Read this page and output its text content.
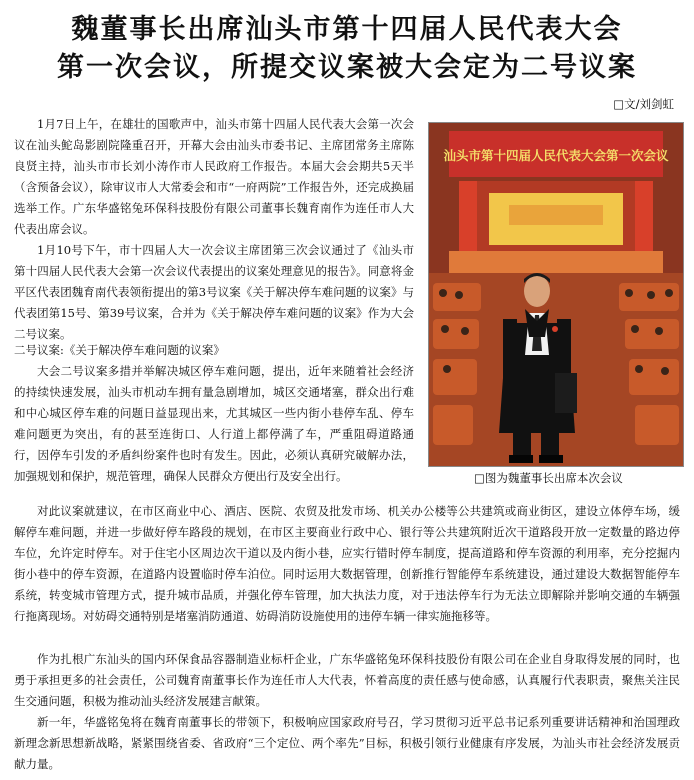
魏董事长出席汕头市第十四届人民代表大会
第一次会议，所提交议案被大会定为二号议案
□文/刘剑虹

1月7日上午，在雄壮的国歌声中，汕头市第十四届人民代表大会第一次会议在汕头鮀岛影剧院隆重召开，开幕大会由汕头市委书记、主席团常务主席陈良贤主持，汕头市市长刘小涛作市人民政府工作报告。本届大会会期共5天半（含预备会议），除审议市人大常委会和市“一府两院”工作报告外，还完成换届选举工作。广东华盛铭兔环保科技股份有限公司董事长魏育南作为连任市人大代表出席会议。

1月10号下午，市十四届人大一次会议主席团第三次会议通过了《汕头市第十四届人民代表大会第一次会议代表提出的议案处理意见的报告》。同意将金平区代表团魏育南代表领衔提出的第3号议案《关于解决停车难问题的议案》与代表团第15号、第39号议案，合并为《关于解决停车难问题的议案》作为大会二号议案。

二号议案:《关于解决停车难问题的议案》

大会二号议案多措并举解决城区停车难问题，提出，近年来随着社会经济的持续快速发展，汕头市机动车拥有量急剧增加，城区交通堵塞，群众出行难和中心城区停车难的问题日益显现出来，尤其城区一些内街小巷停车乱、停车难问题更为突出，有的甚至连街口、人行道上都停满了车，严重阻碍道路通行，因停车引发的矛盾纠纷案件也时有发生。因此，必须认真研究破解办法，加强规划和保护，规范管理，确保人民群众方便出行及安全出行。

汕头市第十四届人民代表大会第一次会议
□图为魏董事长出席本次会议

对此议案就建议，在市区商业中心、酒店、医院、农贸及批发市场、机关办公楼等公共建筑或商业街区，建设立体停车场，缓解停车难问题，并进一步做好停车路段的规划，在市区主要商业行政中心、银行等公共建筑附近次干道路段开放一定数量的路边停车位，允许定时停车。对于住宅小区周边次干道以及内街小巷，应实行错时停车制度，提高道路和停车资源的利用率，充分挖掘内街小巷中的停车资源，在道路内设置临时停车泊位。同时运用大数据管理，创新推行智能停车系统建设，通过建设大数据智能停车系统，转变城市管理方式，提升城市品质，并强化停车管理，加大执法力度，对于违法停车行为无法立即解除并影响交通的车辆强行拖离现场。对妨碍交通特别是堵塞消防通道、妨碍消防设施使用的违停车辆一律实施拖移等。

作为扎根广东汕头的国内环保食品容器制造业标杆企业，广东华盛铭兔环保科技股份有限公司在企业自身取得发展的同时，也勇于承担更多的社会责任，公司魏育南董事长作为连任市人大代表，怀着高度的责任感与使命感，认真履行代表职责，聚焦关注民生交通问题，积极为推动汕头经济发展建言献策。

新一年，华盛铭兔将在魏育南董事长的带领下，积极响应国家政府号召，学习贯彻习近平总书记系列重要讲话精神和治国理政新理念新思想新战略，紧紧围绕省委、省政府“三个定位、两个率先”目标，积极引领行业健康有序发展，为汕头市社会经济发展贡献力量。
